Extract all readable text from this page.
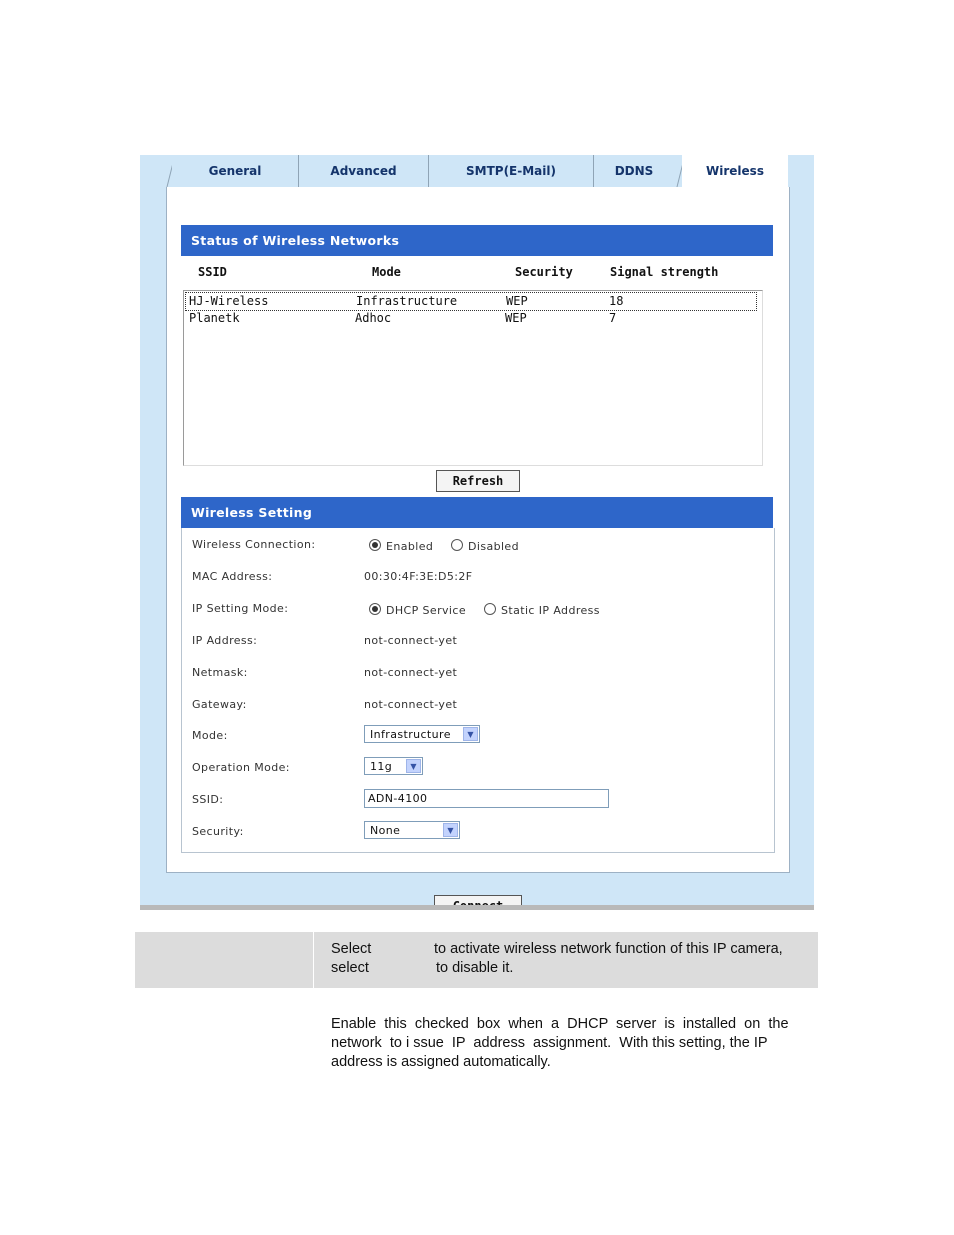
General	Advanced	SMTP(E-Mail)	DDNS	Wireless
Status of Wireless Networks
SSID	Mode	Security	Signal strength
HJ-Wireless	Infrastructure	WEP	18
Planetk	Adhoc	WEP	7
Refresh
Wireless Setting
Wireless Connection:	Enabled	Disabled
MAC Address:	00:30:4F:3E:D5:2F
IP Setting Mode:	DHCP Service	Static IP Address
IP Address:	not-connect-yet
Netmask:	not-connect-yet
Gateway:	not-connect-yet
Mode:	Infrastructure	▼
Operation Mode:	11g	▼
SSID:	ADN-4100
Security:	None	▼
Select	to activate wireless network function of this IP camera,
select	to disable it.
Enable  this  checked  box  when  a  DHCP  server  is  installed  on  the
network  to i ssue  IP  address  assignment.  With this setting, the IP
address is assigned automatically.
